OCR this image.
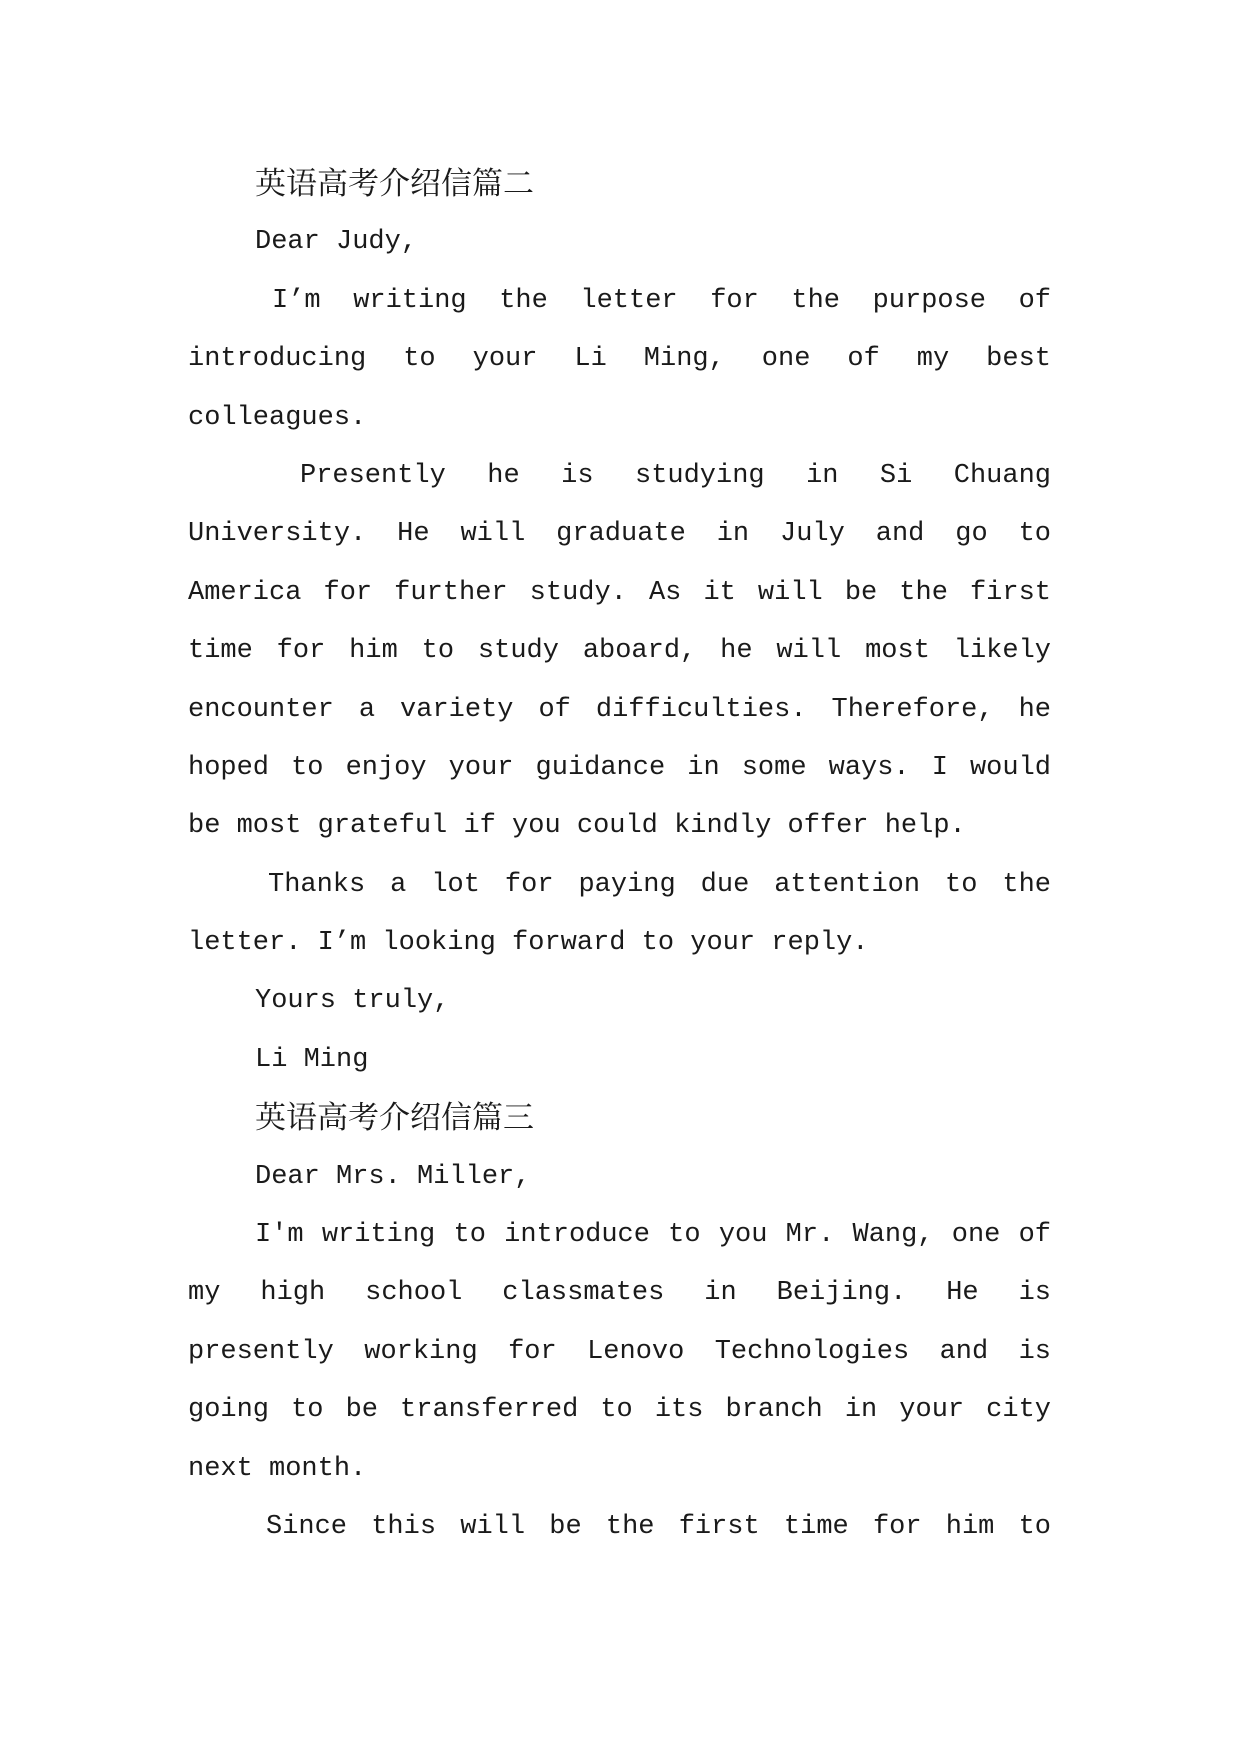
英语高考介绍信篇二
Dear Judy,
I’m writing the letter for the purpose of
introducing to your Li Ming, one of my best
colleagues.
Presently he is studying in Si Chuang
University. He will graduate in July and go to
America for further study. As it will be the first
time for him to study aboard, he will most likely
encounter a variety of difficulties. Therefore, he
hoped to enjoy your guidance in some ways. I would
be most grateful if you could kindly offer help.
Thanks a lot for paying due attention to the
letter. I’m looking forward to your reply.
Yours truly,
Li Ming
英语高考介绍信篇三
Dear Mrs. Miller,
I'm writing to introduce to you Mr. Wang, one of
my high school classmates in Beijing. He is
presently working for Lenovo Technologies and is
going to be transferred to its branch in your city
next month.
Since this will be the first time for him to
